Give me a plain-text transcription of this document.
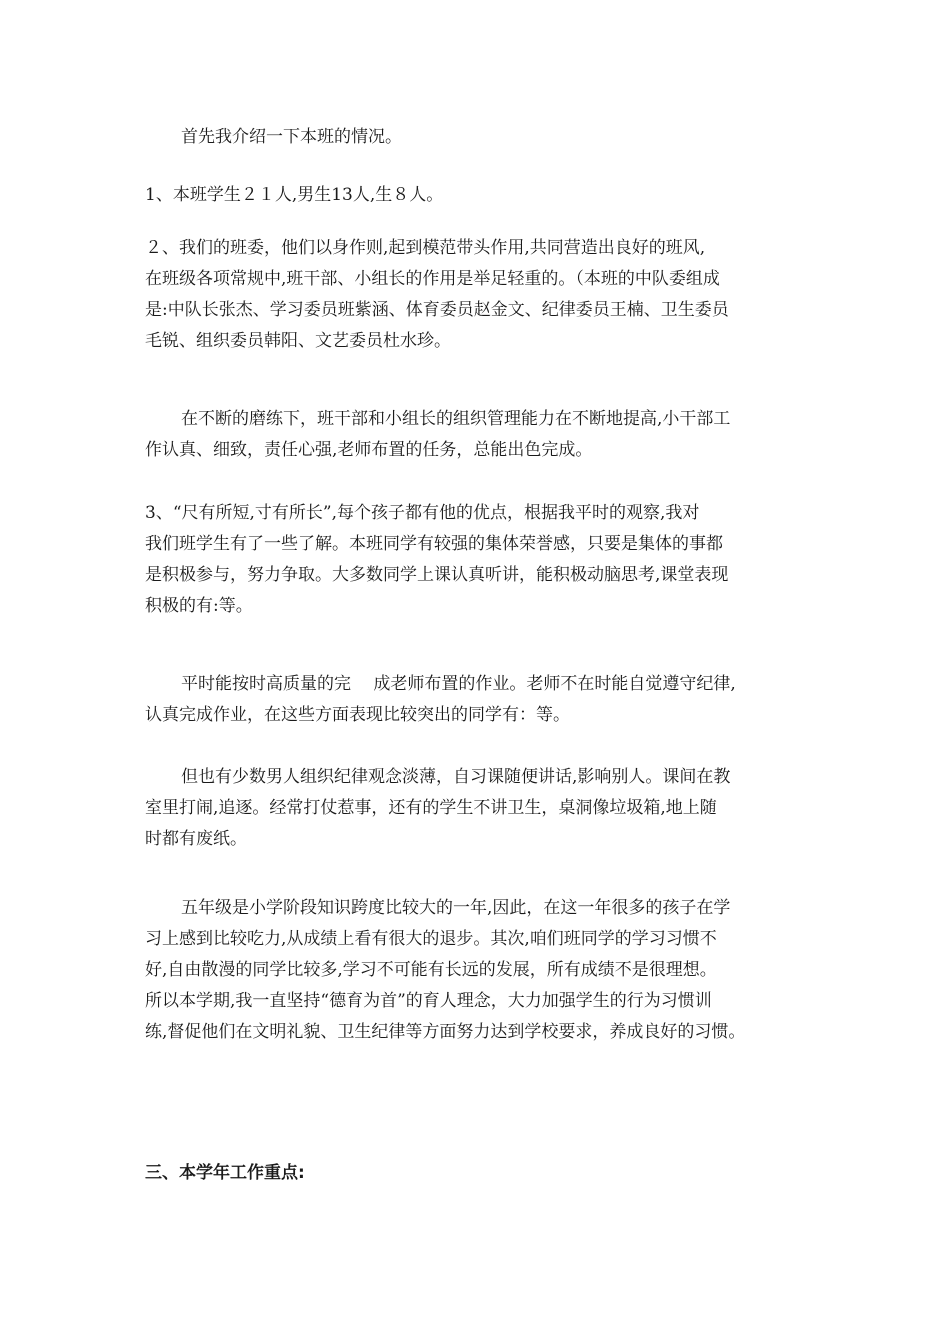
首先我介绍一下本班的情况。

1、本班学生２１人,男生13人,生８人。

２、我们的班委，他们以身作则,起到模范带头作用,共同营造出良好的班风,
在班级各项常规中,班干部、小组长的作用是举足轻重的。（本班的中队委组成
是:中队长张杰、学习委员班紫涵、体育委员赵金文、纪律委员王楠、卫生委员
毛锐、组织委员韩阳、文艺委员杜水珍。

在不断的磨练下，班干部和小组长的组织管理能力在不断地提高,小干部工
作认真、细致，责任心强,老师布置的任务，总能出色完成。

3、“尺有所短,寸有所长”,每个孩子都有他的优点，根据我平时的观察,我对
我们班学生有了一些了解。本班同学有较强的集体荣誉感，只要是集体的事都
是积极参与，努力争取。大多数同学上课认真听讲，能积极动脑思考,课堂表现
积极的有:等。

平时能按时高质量的完　 成老师布置的作业。老师不在时能自觉遵守纪律,
认真完成作业，在这些方面表现比较突出的同学有：等。

但也有少数男人组织纪律观念淡薄，自习课随便讲话,影响别人。课间在教
室里打闹,追逐。经常打仗惹事，还有的学生不讲卫生，桌洞像垃圾箱,地上随
时都有废纸。

五年级是小学阶段知识跨度比较大的一年,因此，在这一年很多的孩子在学
习上感到比较吃力,从成绩上看有很大的退步。其次,咱们班同学的学习习惯不
好,自由散漫的同学比较多,学习不可能有长远的发展，所有成绩不是很理想。
所以本学期,我一直坚持“德育为首”的育人理念，大力加强学生的行为习惯训
练,督促他们在文明礼貌、卫生纪律等方面努力达到学校要求，养成良好的习惯。

三、本学年工作重点:
